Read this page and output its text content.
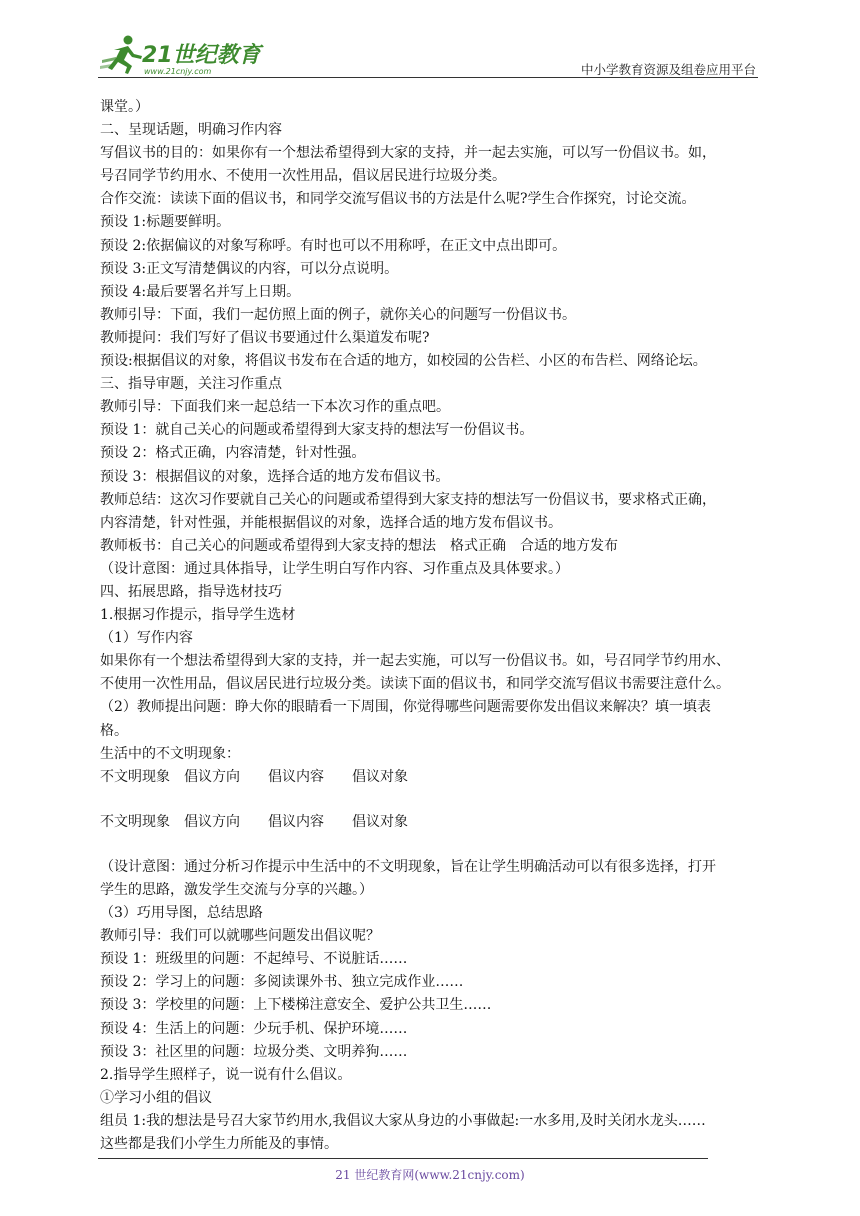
21世纪教育
www.21cnjy.com	中小学教育资源及组卷应用平台
课堂。）
二、呈现话题，明确习作内容
写倡议书的目的：如果你有一个想法希望得到大家的支持，并一起去实施，可以写一份倡议书。如，
号召同学节约用水、不使用一次性用品，倡议居民进行垃圾分类。
合作交流：读读下面的倡议书，和同学交流写倡议书的方法是什么呢?学生合作探究，讨论交流。
预设 1:标题要鲜明。
预设 2:依据偏议的对象写称呼。有时也可以不用称呼，在正文中点出即可。
预设 3:正文写清楚偶议的内容，可以分点说明。
预设 4:最后要署名并写上日期。
教师引导：下面，我们一起仿照上面的例子，就你关心的问题写一份倡议书。
教师提问：我们写好了倡议书要通过什么渠道发布呢?
预设:根据倡议的对象，将倡议书发布在合适的地方，如校园的公告栏、小区的布告栏、网络论坛。
三、指导审题，关注习作重点
教师引导：下面我们来一起总结一下本次习作的重点吧。
预设 1：就自己关心的问题或希望得到大家支持的想法写一份倡议书。
预设 2：格式正确，内容清楚，针对性强。
预设 3：根据倡议的对象，选择合适的地方发布倡议书。
教师总结：这次习作要就自己关心的问题或希望得到大家支持的想法写一份倡议书，要求格式正确，
内容清楚，针对性强，并能根据倡议的对象，选择合适的地方发布倡议书。
教师板书：自己关心的问题或希望得到大家支持的想法　格式正确　合适的地方发布
（设计意图：通过具体指导，让学生明白写作内容、习作重点及具体要求。）
四、拓展思路，指导选材技巧
1.根据习作提示，指导学生选材
（1）写作内容
如果你有一个想法希望得到大家的支持，并一起去实施，可以写一份倡议书。如，号召同学节约用水、
不使用一次性用品，倡议居民进行垃圾分类。读读下面的倡议书，和同学交流写倡议书需要注意什么。
（2）教师提出问题：睁大你的眼睛看一下周围，你觉得哪些问题需要你发出倡议来解决？填一填表
格。
生活中的不文明现象：
不文明现象　倡议方向　　倡议内容　　倡议对象
不文明现象　倡议方向　　倡议内容　　倡议对象
（设计意图：通过分析习作提示中生活中的不文明现象，旨在让学生明确活动可以有很多选择，打开
学生的思路，激发学生交流与分享的兴趣。）
（3）巧用导图，总结思路
教师引导：我们可以就哪些问题发出倡议呢？
预设 1：班级里的问题：不起绰号、不说脏话……
预设 2：学习上的问题：多阅读课外书、独立完成作业……
预设 3：学校里的问题：上下楼梯注意安全、爱护公共卫生……
预设 4：生活上的问题：少玩手机、保护环境……
预设 3：社区里的问题：垃圾分类、文明养狗……
2.指导学生照样子，说一说有什么倡议。
①学习小组的倡议
组员 1:我的想法是号召大家节约用水,我倡议大家从身边的小事做起:一水多用,及时关闭水龙头……
这些都是我们小学生力所能及的事情。
21 世纪教育网(www.21cnjy.com)
